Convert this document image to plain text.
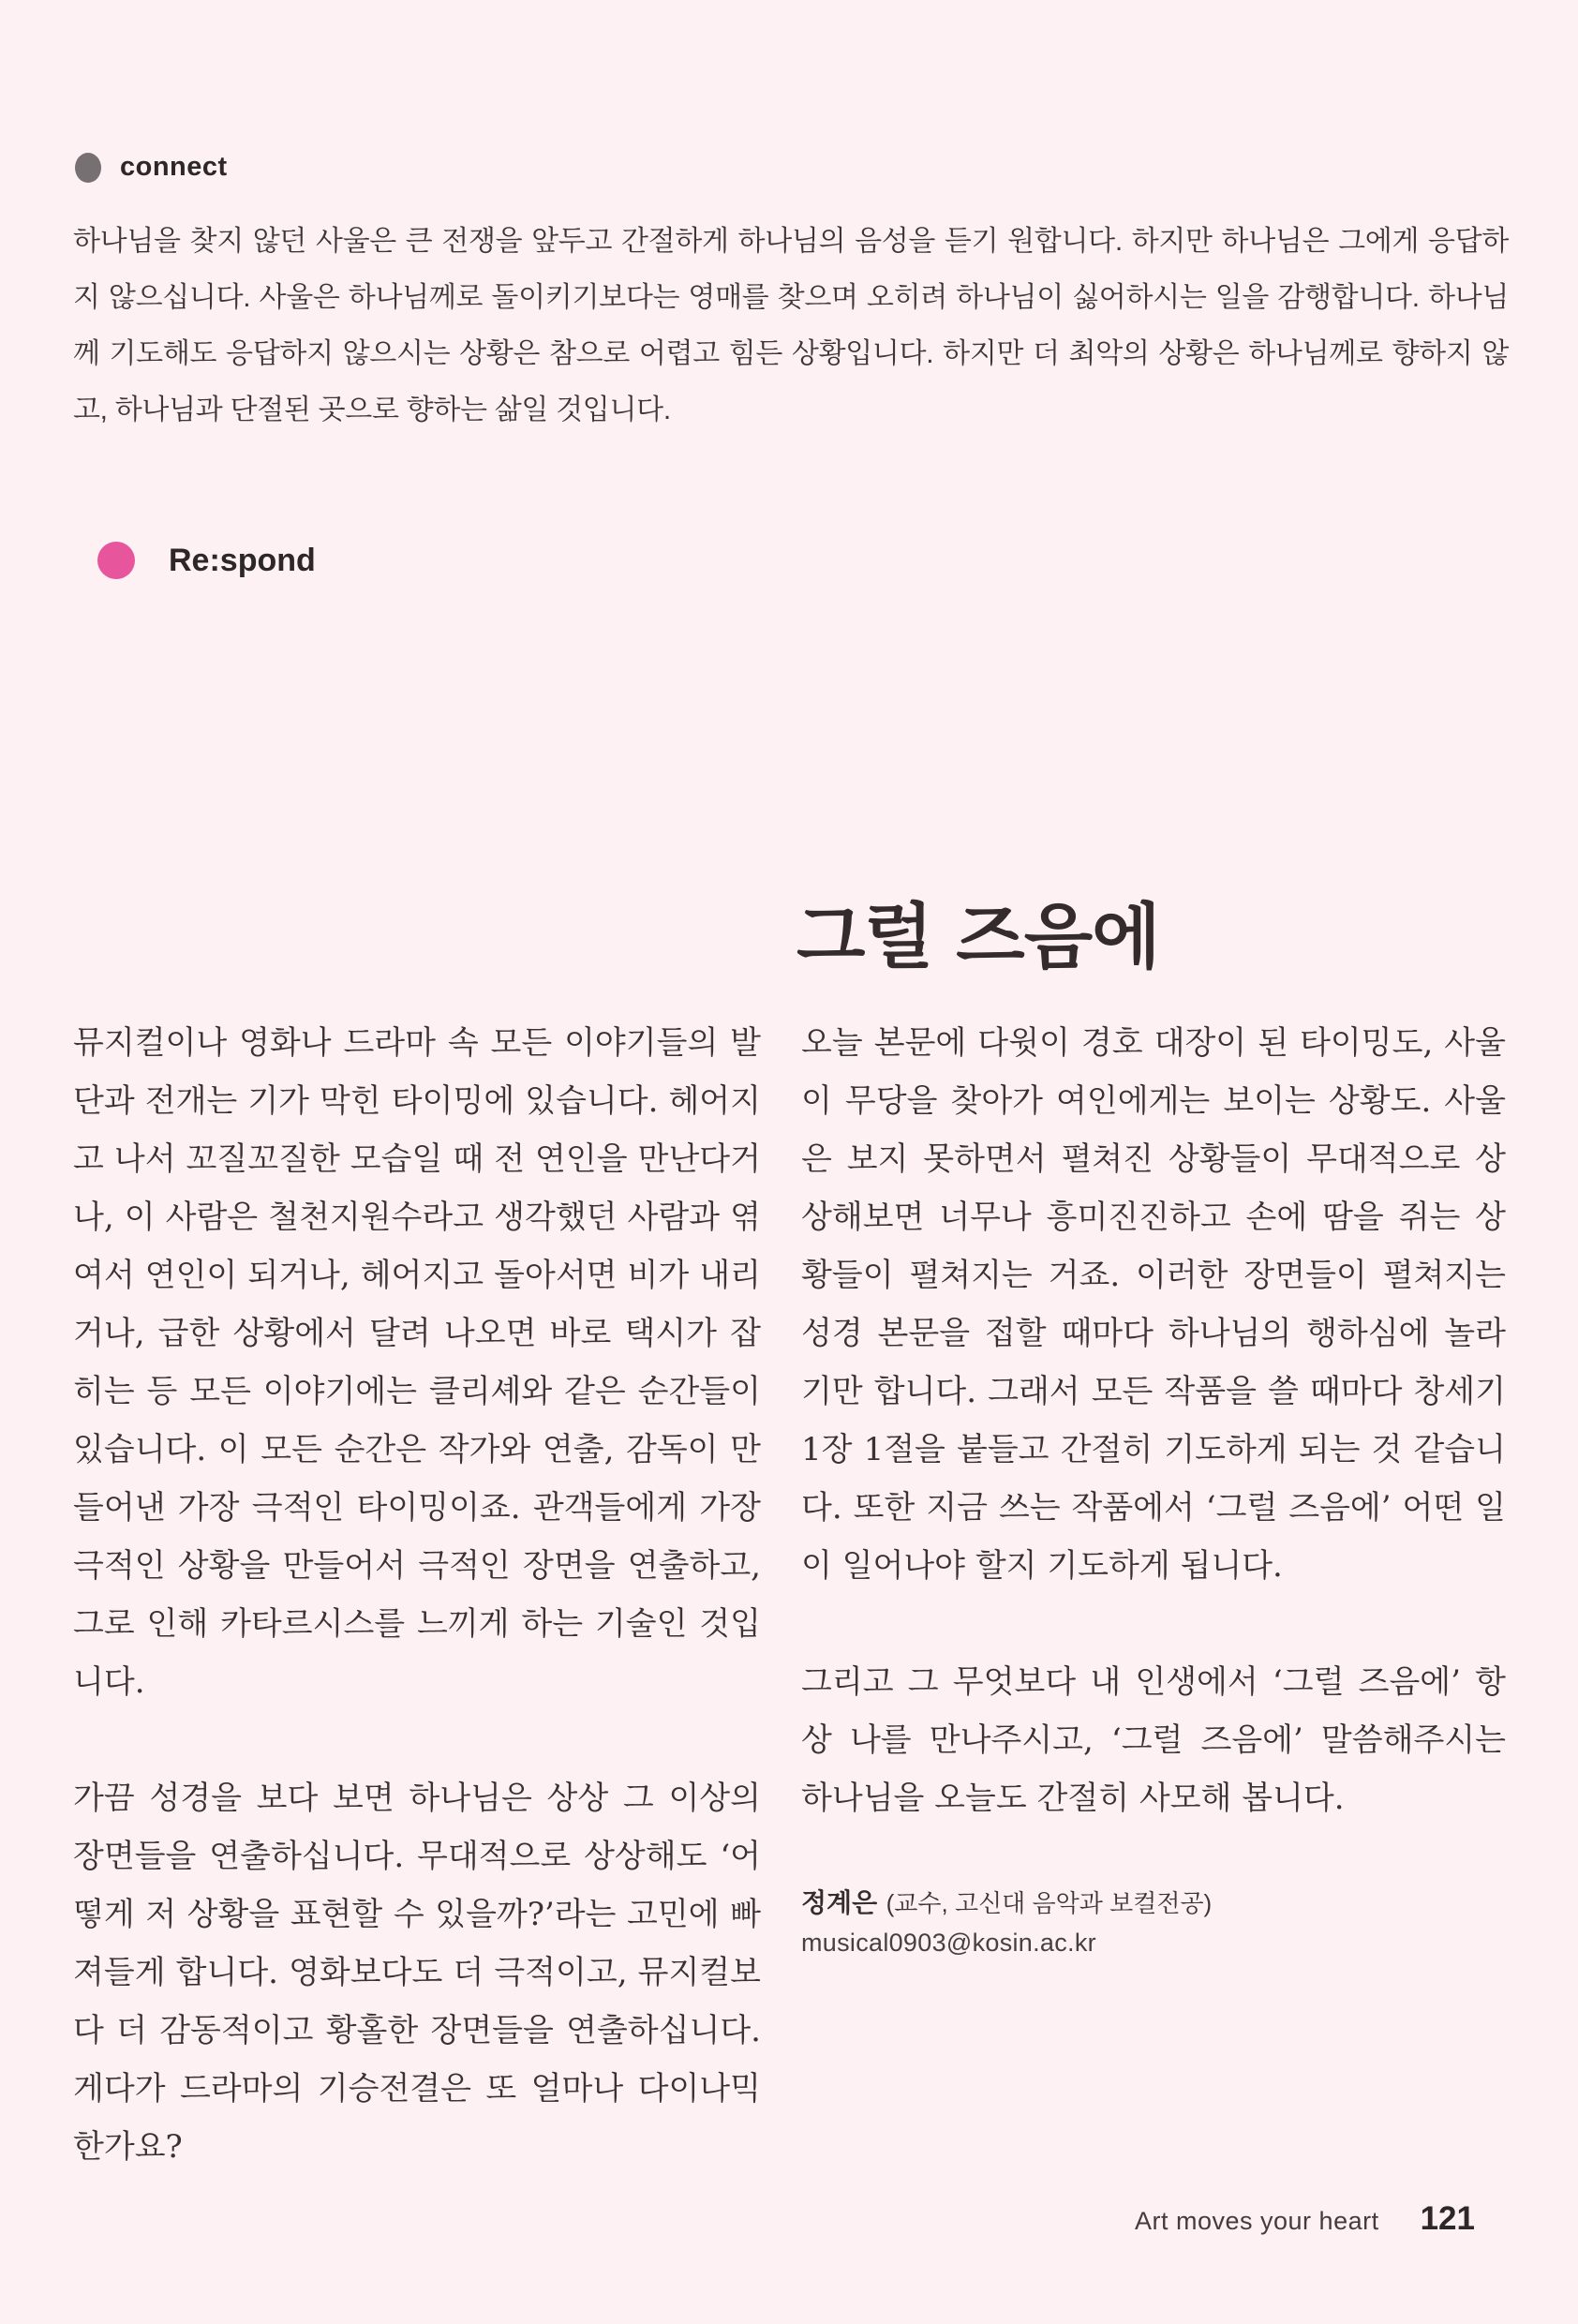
connect
하나님을 찾지 않던 사울은 큰 전쟁을 앞두고 간절하게 하나님의 음성을 듣기 원합니다. 하지만 하나님은 그에게 응답하지 않으십니다. 사울은 하나님께로 돌이키기보다는 영매를 찾으며 오히려 하나님이 싫어하시는 일을 감행합니다. 하나님께 기도해도 응답하지 않으시는 상황은 참으로 어렵고 힘든 상황입니다. 하지만 더 최악의 상황은 하나님께로 향하지 않고, 하나님과 단절된 곳으로 향하는 삶일 것입니다.
Re:spond
그럴 즈음에

뮤지컬이나 영화나 드라마 속 모든 이야기들의 발단과 전개는 기가 막힌 타이밍에 있습니다. 헤어지고 나서 꼬질꼬질한 모습일 때 전 연인을 만난다거나, 이 사람은 철천지원수라고 생각했던 사람과 엮여서 연인이 되거나, 헤어지고 돌아서면 비가 내리거나, 급한 상황에서 달려 나오면 바로 택시가 잡히는 등 모든 이야기에는 클리셰와 같은 순간들이 있습니다. 이 모든 순간은 작가와 연출, 감독이 만들어낸 가장 극적인 타이밍이죠. 관객들에게 가장 극적인 상황을 만들어서 극적인 장면을 연출하고, 그로 인해 카타르시스를 느끼게 하는 기술인 것입니다.

가끔 성경을 보다 보면 하나님은 상상 그 이상의 장면들을 연출하십니다. 무대적으로 상상해도 ‘어떻게 저 상황을 표현할 수 있을까?’라는 고민에 빠져들게 합니다. 영화보다도 더 극적이고, 뮤지컬보다 더 감동적이고 황홀한 장면들을 연출하십니다. 게다가 드라마의 기승전결은 또 얼마나 다이나믹한가요?

오늘 본문에 다윗이 경호 대장이 된 타이밍도, 사울이 무당을 찾아가 여인에게는 보이는 상황도. 사울은 보지 못하면서 펼쳐진 상황들이 무대적으로 상상해보면 너무나 흥미진진하고 손에 땀을 쥐는 상황들이 펼쳐지는 거죠. 이러한 장면들이 펼쳐지는 성경 본문을 접할 때마다 하나님의 행하심에 놀라기만 합니다. 그래서 모든 작품을 쓸 때마다 창세기 1장 1절을 붙들고 간절히 기도하게 되는 것 같습니다. 또한 지금 쓰는 작품에서 ‘그럴 즈음에’ 어떤 일이 일어나야 할지 기도하게 됩니다.

그리고 그 무엇보다 내 인생에서 ‘그럴 즈음에’ 항상 나를 만나주시고, ‘그럴 즈음에’ 말씀해주시는 하나님을 오늘도 간절히 사모해 봅니다.

정계은 (교수, 고신대 음악과 보컬전공)
musical0903@kosin.ac.kr
Art moves your heart 121
